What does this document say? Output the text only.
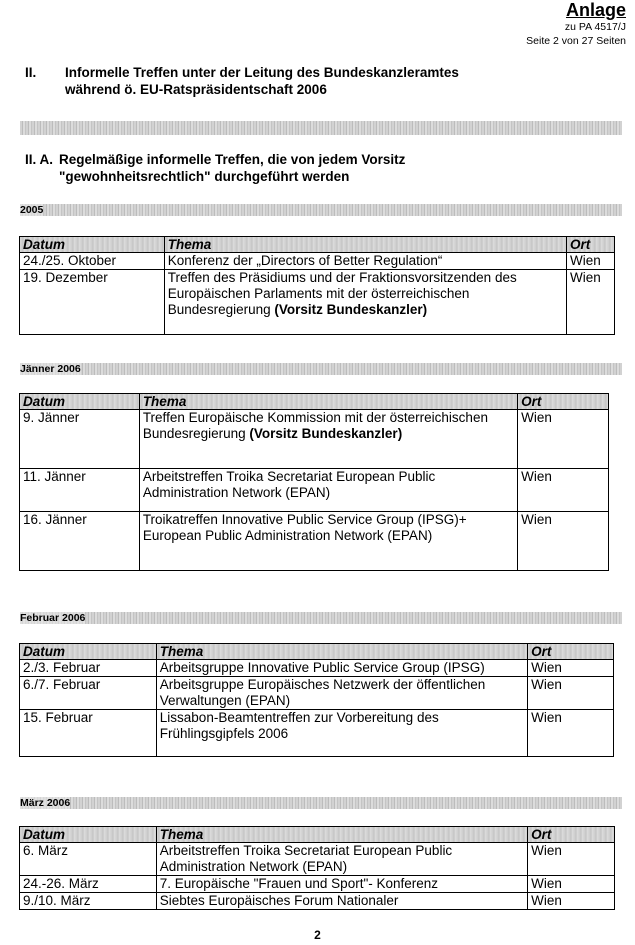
Anlage
zu PA 4517/J
Seite 2 von 27 Seiten
II. Informelle Treffen unter der Leitung des Bundeskanzleramtes
während ö. EU-Ratspräsidentschaft 2006
II. A. Regelmäßige informelle Treffen, die von jedem Vorsitz
"gewohnheitsrechtlich" durchgeführt werden
2005
Datum	Thema	Ort
24./25. Oktober	Konferenz der „Directors of Better Regulation“	Wien
19. Dezember	Treffen des Präsidiums und der Fraktionsvorsitzenden des Europäischen Parlaments mit der österreichischen Bundesregierung (Vorsitz Bundeskanzler)	Wien
Jänner 2006
Datum	Thema	Ort
9. Jänner	Treffen Europäische Kommission mit der österreichischen Bundesregierung (Vorsitz Bundeskanzler)	Wien
11. Jänner	Arbeitstreffen Troika Secretariat European Public Administration Network (EPAN)	Wien
16. Jänner	Troikatreffen Innovative Public Service Group (IPSG)+ European Public Administration Network (EPAN)	Wien
Februar 2006
Datum	Thema	Ort
2./3. Februar	Arbeitsgruppe Innovative Public Service Group (IPSG)	Wien
6./7. Februar	Arbeitsgruppe Europäisches Netzwerk der öffentlichen Verwaltungen (EPAN)	Wien
15. Februar	Lissabon-Beamtentreffen zur Vorbereitung des Frühlingsgipfels 2006	Wien
März 2006
Datum	Thema	Ort
6. März	Arbeitstreffen Troika Secretariat European Public Administration Network (EPAN)	Wien
24.-26. März	7. Europäische "Frauen und Sport"- Konferenz	Wien
9./10. März	Siebtes Europäisches Forum Nationaler	Wien
2
